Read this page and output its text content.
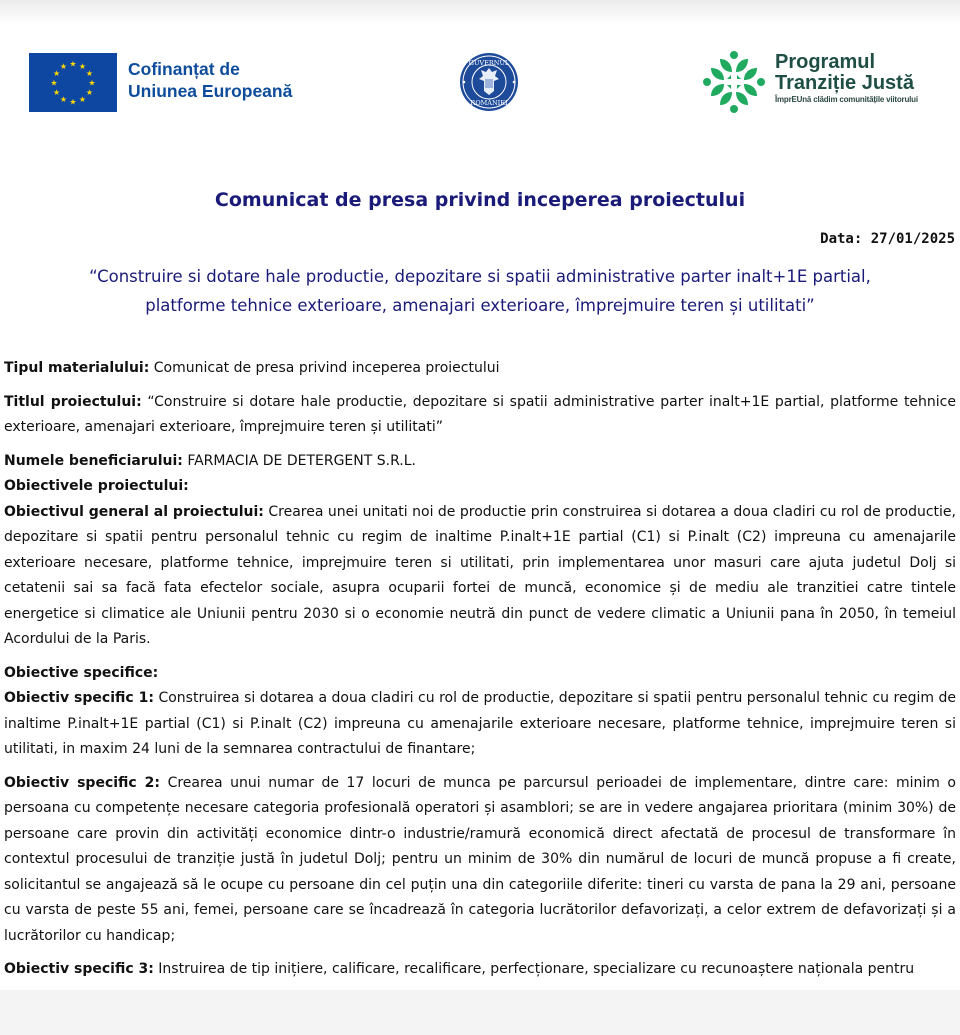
★ ★
★
★
★
★
★
★
★
★
★
★	Cofinanțat de
Uniunea Europeană
GUVERNUL
ROMÂNIEI
Programul
Tranziție Justă
ÎmprEUnă clădim comunitățile viitorului
Comunicat de presa privind inceperea proiectului
Data: 27/01/2025
“Construire si dotare hale productie, depozitare si spatii administrative parter inalt+1E partial,
platforme tehnice exterioare, amenajari exterioare, împrejmuire teren și utilitati”

Tipul materialului: Comunicat de presa privind inceperea proiectului

Titlul proiectului: “Construire si dotare hale productie, depozitare si spatii administrative parter inalt+1E partial, platforme tehnice exterioare, amenajari exterioare, împrejmuire teren și utilitati”

Numele beneficiarului: FARMACIA DE DETERGENT S.R.L.

Obiectivele proiectului:

Obiectivul general al proiectului: Crearea unei unitati noi de productie prin construirea si dotarea a doua cladiri cu rol de productie, depozitare si spatii pentru personalul tehnic cu regim de inaltime P.inalt+1E partial (C1) si P.inalt (C2) impreuna cu amenajarile exterioare necesare, platforme tehnice, imprejmuire teren si utilitati, prin implementarea unor masuri care ajuta judetul Dolj si cetatenii sai sa facă fata efectelor sociale, asupra ocuparii fortei de muncă, economice și de mediu ale tranzitiei catre tintele energetice si climatice ale Uniunii pentru 2030 si o economie neutră din punct de vedere climatic a Uniunii pana în 2050, în temeiul Acordului de la Paris.

Obiective specifice:

Obiectiv specific 1: Construirea si dotarea a doua cladiri cu rol de productie, depozitare si spatii pentru personalul tehnic cu regim de inaltime P.inalt+1E partial (C1) si P.inalt (C2) impreuna cu amenajarile exterioare necesare, platforme tehnice, imprejmuire teren si utilitati, in maxim 24 luni de la semnarea contractului de finantare;

Obiectiv specific 2: Crearea unui numar de 17 locuri de munca pe parcursul perioadei de implementare, dintre care: minim o persoana cu competențe necesare categoria profesională operatori și asamblori; se are in vedere angajarea prioritara (minim 30%) de persoane care provin din activități economice dintr-o industrie/ramură economică direct afectată de procesul de transformare în contextul procesului de tranziție justă în judetul Dolj; pentru un minim de 30% din numărul de locuri de muncă propuse a fi create, solicitantul se angajează să le ocupe cu persoane din cel puțin una din categoriile diferite: tineri cu varsta de pana la 29 ani, persoane cu varsta de peste 55 ani, femei, persoane care se încadrează în categoria lucrătorilor defavorizați, a celor extrem de defavorizați și a lucrătorilor cu handicap;

Obiectiv specific 3: Instruirea de tip inițiere, calificare, recalificare, perfecționare, specializare cu recunoaștere naționala pentru
